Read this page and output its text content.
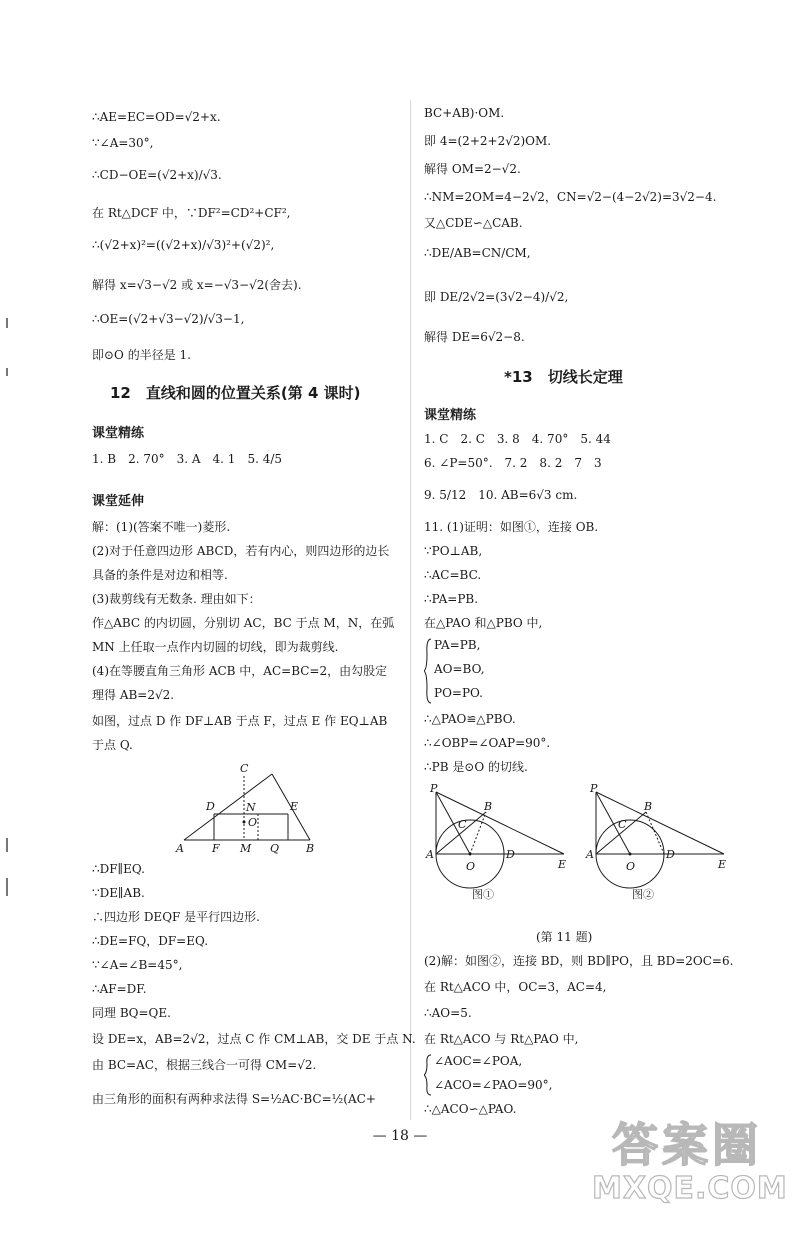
∴AE=EC=OD=√2+x.
∵∠A=30°,
∴CD−OE=(√2+x)/√3.
在 Rt△DCF 中，∵DF²=CD²+CF²,
∴(√2+x)²=((√2+x)/√3)²+(√2)²,
解得 x=√3−√2 或 x=−√3−√2(舍去).
∴OE=(√2+√3−√2)/√3−1,
即⊙O 的半径是 1.
12　直线和圆的位置关系(第 4 课时)
课堂精练
1. B　2. 70°　3. A　4. 1　5. 4/5
课堂延伸
解：(1)(答案不唯一)菱形.
(2)对于任意四边形 ABCD，若有内心，则四边形的边长
具备的条件是对边和相等.
(3)裁剪线有无数条. 理由如下：
作△ABC 的内切圆，分别切 AC，BC 于点 M，N，在弧
MN 上任取一点作内切圆的切线，即为裁剪线.
(4)在等腰直角三角形 ACB 中，AC=BC=2，由勾股定
理得 AB=2√2.
如图，过点 D 作 DF⊥AB 于点 F，过点 E 作 EQ⊥AB
于点 Q.
C
D	N	E
O
A	F M Q B
∴DF∥EQ.
∵DE∥AB.
∴四边形 DEQF 是平行四边形.
∴DE=FQ，DF=EQ.
∵∠A=∠B=45°,
∴AF=DF.
同理 BQ=QE.
设 DE=x，AB=2√2，过点 C 作 CM⊥AB，交 DE 于点 N.
由 BC=AC，根据三线合一可得 CM=√2.
由三角形的面积有两种求法得 S=½AC·BC=½(AC+
BC+AB)·OM.
即 4=(2+2+2√2)OM.
解得 OM=2−√2.
∴NM=2OM=4−2√2，CN=√2−(4−2√2)=3√2−4.
又△CDE∽△CAB.
∴DE/AB=CN/CM,
即 DE/2√2=(3√2−4)/√2,
解得 DE=6√2−8.
*13　切线长定理
课堂精练
1. C　2. C　3. 8　4. 70°　5. 44
6. ∠P=50°.　7. 2　8. 2　7　3
9. 5/12　10. AB=6√3 cm.
11. (1)证明：如图①，连接 OB.
∵PO⊥AB,
∴AC=BC.
∴PA=PB.
在△PAO 和△PBO 中,
PA=PB,
AO=BO,
PO=PO.
∴△PAO≌△PBO.
∴∠OBP=∠OAP=90°.
∴PB 是⊙O 的切线.
P
B
C
A
O
D
E
图①
P
B
C
A
O
D
E
图②
(第 11 题)
(2)解：如图②，连接 BD，则 BD∥PO，且 BD=2OC=6.
在 Rt△ACO 中，OC=3，AC=4,
∴AO=5.
在 Rt△ACO 与 Rt△PAO 中,
∠AOC=∠POA,
∠ACO=∠PAO=90°,
∴△ACO∽△PAO.
— 18 —	答案圈
MXQE.COM
